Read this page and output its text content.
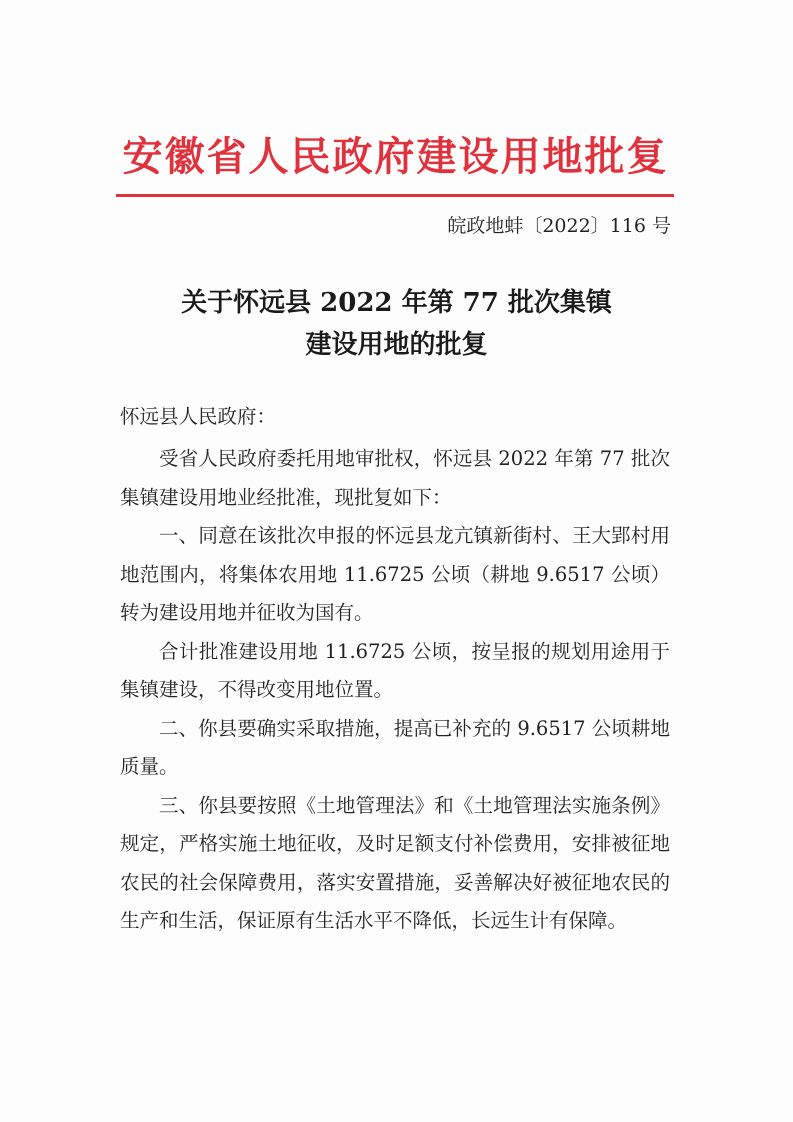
安徽省人民政府建设用地批复
皖政地蚌〔2022〕116 号
关于怀远县 2022 年第 77 批次集镇
建设用地的批复
怀远县人民政府：

受省人民政府委托用地审批权，怀远县 2022 年第 77 批次集镇建设用地业经批准，现批复如下：

一、同意在该批次申报的怀远县龙亢镇新街村、王大郢村用地范围内，将集体农用地 11.6725 公顷（耕地 9.6517 公顷）转为建设用地并征收为国有。

合计批准建设用地 11.6725 公顷，按呈报的规划用途用于集镇建设，不得改变用地位置。

二、你县要确实采取措施，提高已补充的 9.6517 公顷耕地质量。

三、你县要按照《土地管理法》和《土地管理法实施条例》规定，严格实施土地征收，及时足额支付补偿费用，安排被征地农民的社会保障费用，落实安置措施，妥善解决好被征地农民的生产和生活，保证原有生活水平不降低，长远生计有保障。
